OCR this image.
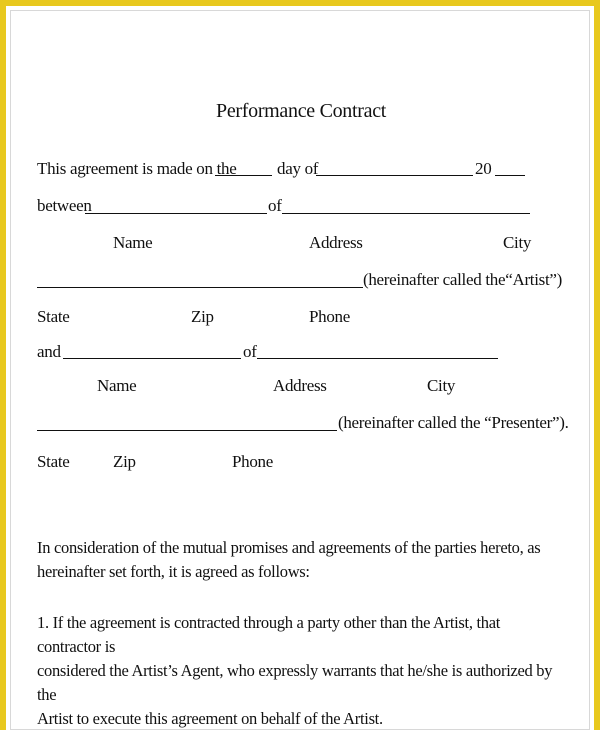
Performance Contract
This agreement is made on the day of	20
between	of
Name	Address	City
(hereinafter called the“Artist”)
State	Zip	Phone
and	of
Name	Address	City
(hereinafter called the “Presenter”).
State	Zip	Phone
In consideration of the mutual promises and agreements of the parties hereto, as
hereinafter set forth, it is agreed as follows:
1. If the agreement is contracted through a party other than the Artist, that contractor is
considered the Artist’s Agent, who expressly warrants that he/she is authorized by the
Artist to execute this agreement on behalf of the Artist.
